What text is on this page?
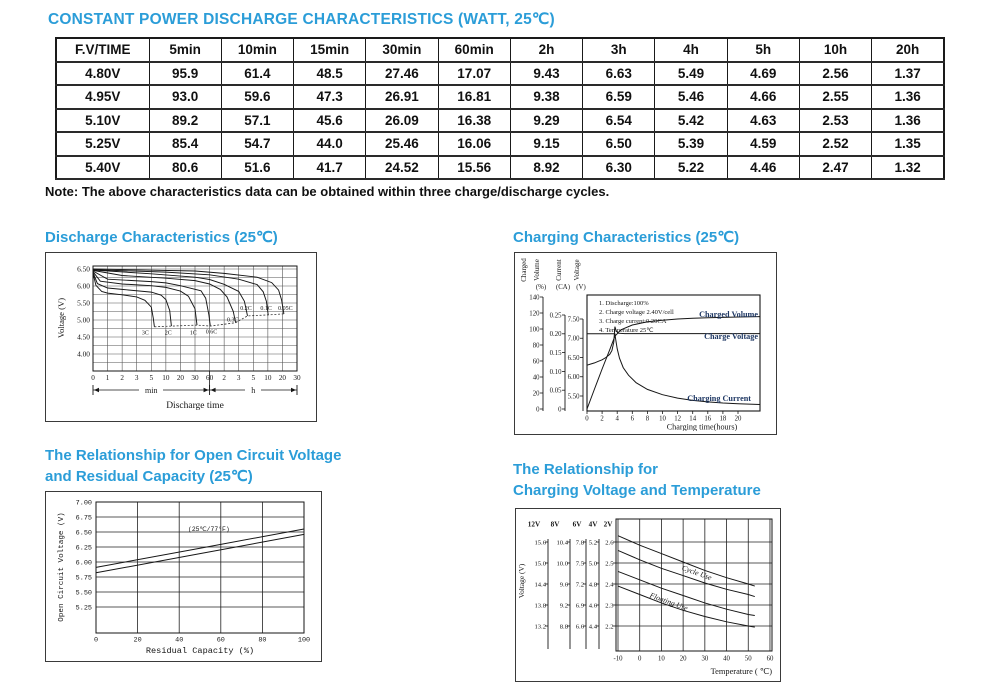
CONSTANT POWER DISCHARGE CHARACTERISTICS (WATT, 25℃)
F.V/TIME	5min	10min	15min	30min	60min	2h	3h	4h	5h	10h	20h
4.80V	95.9	61.4	48.5	27.46	17.07	9.43	6.63	5.49	4.69	2.56	1.37
4.95V	93.0	59.6	47.3	26.91	16.81	9.38	6.59	5.46	4.66	2.55	1.36
5.10V	89.2	57.1	45.6	26.09	16.38	9.29	6.54	5.42	4.63	2.53	1.36
5.25V	85.4	54.7	44.0	25.46	16.06	9.15	6.50	5.39	4.59	2.52	1.35
5.40V	80.6	51.6	41.7	24.52	15.56	8.92	6.30	5.22	4.46	2.47	1.32
Note: The above characteristics data can be obtained within three charge/discharge cycles.
Discharge Characteristics (25℃)
6.50
6.00
5.50
5.00
4.50
4.00
Voltage (V)
0 1 2 3 5 10 20 30 60 2 3 5 10 20 30
min	h
Discharge time
3C	2C	1C 0.6C
0.3C
0.2C 0.1C 0.05C
Charging Characteristics (25℃)
0
20
40
60
80
100
120
140
(%)
Charged Volume
0
0.05
0.10
0.15
0.20
0.25
(CA)
Current
5.50
6.00
6.50
7.00
7.50
(V)
Voltage
0 2 4 6 8 10 12 14 16 18 20
Charging time(hours)
1. Discharge:100%
2. Charge voltage 2.40V/cell
3. Charge current:0.20CA
4. Temperature 25℃
Charged Volume
Charge Voltage
Charging Current
The Relationship for Open Circuit Voltage
and Residual Capacity (25℃)
7.00
6.75
6.50
6.25
6.00
5.75
5.50
5.25
0	20	40	60	80	100
Open Circuit Voltage (V)
Residual Capacity (%)
(25℃/77°F)
The Relationship for
Charging Voltage and Temperature
12V
15.6
15.0
14.4
13.8
13.2
8V
10.4
10.0
9.6
9.2
8.8
6V
7.8
7.5
7.2
6.9
6.6
4V
5.2
5.0
4.8
4.6
4.4
2V
2.6
2.5
2.4
2.3
2.2
Voltage (V)
-10 0 10 20 30 40 50 60
Temperature ( ℃)
Cycle Use
Floating Use
